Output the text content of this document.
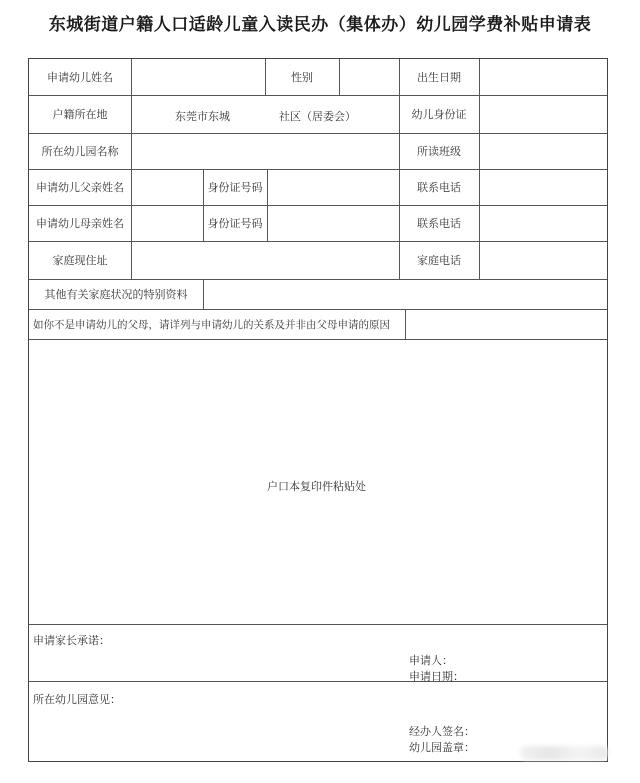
东城街道户籍人口适龄儿童入读民办（集体办）幼儿园学费补贴申请表
申请幼儿姓名	性别	出生日期
户籍所在地	东莞市东城	社区（居委会）	幼儿身份证
所在幼儿园名称	所读班级
申请幼儿父亲姓名	身份证号码	联系电话
申请幼儿母亲姓名	身份证号码	联系电话
家庭现住址	家庭电话
其他有关家庭状况的特别资料
如你不是申请幼儿的父母，请详列与申请幼儿的关系及并非由父母申请的原因
户口本复印件粘贴处
申请家长承诺：
申请人：
申请日期：
所在幼儿园意见：
经办人签名：
幼儿园盖章：
